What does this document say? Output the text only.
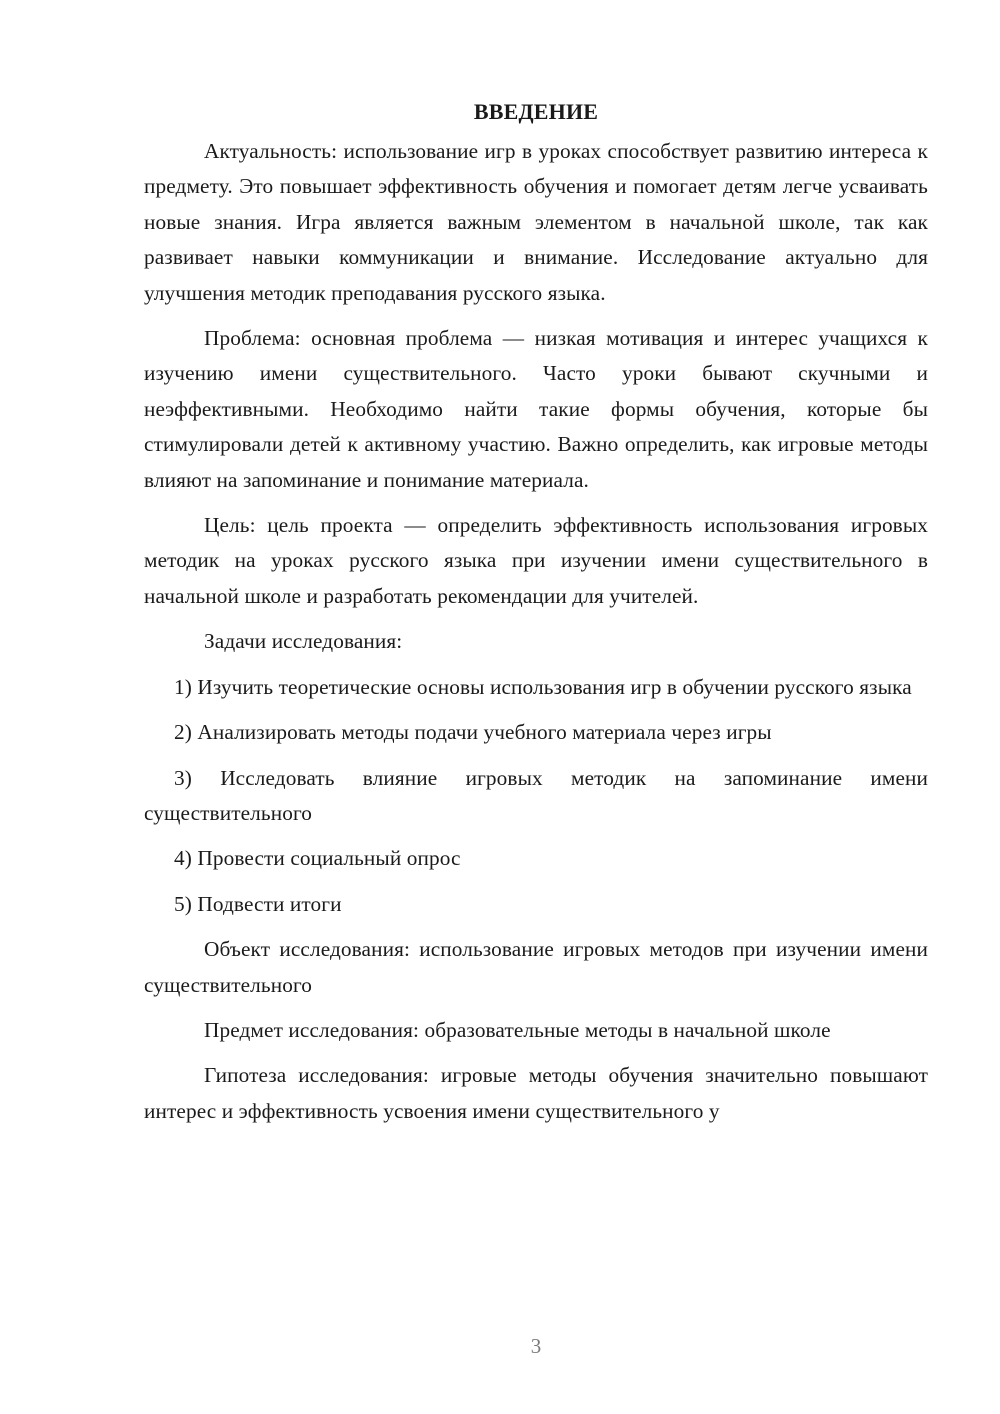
ВВЕДЕНИЕ

Актуальность: использование игр в уроках способствует развитию интереса к предмету. Это повышает эффективность обучения и помогает детям легче усваивать новые знания. Игра является важным элементом в начальной школе, так как развивает навыки коммуникации и внимание. Исследование актуально для улучшения методик преподавания русского языка.

Проблема: основная проблема — низкая мотивация и интерес учащихся к изучению имени существительного. Часто уроки бывают скучными и неэффективными. Необходимо найти такие формы обучения, которые бы стимулировали детей к активному участию. Важно определить, как игровые методы влияют на запоминание и понимание материала.

Цель: цель проекта — определить эффективность использования игровых методик на уроках русского языка при изучении имени существительного в начальной школе и разработать рекомендации для учителей.

Задачи исследования:

1) Изучить теоретические основы использования игр в обучении русского языка

2) Анализировать методы подачи учебного материала через игры

3) Исследовать влияние игровых методик на запоминание имени существительного

4) Провести социальный опрос

5) Подвести итоги

Объект исследования: использование игровых методов при изучении имени существительного

Предмет исследования: образовательные методы в начальной школе

Гипотеза исследования: игровые методы обучения значительно повышают интерес и эффективность усвоения имени существительного у

3
